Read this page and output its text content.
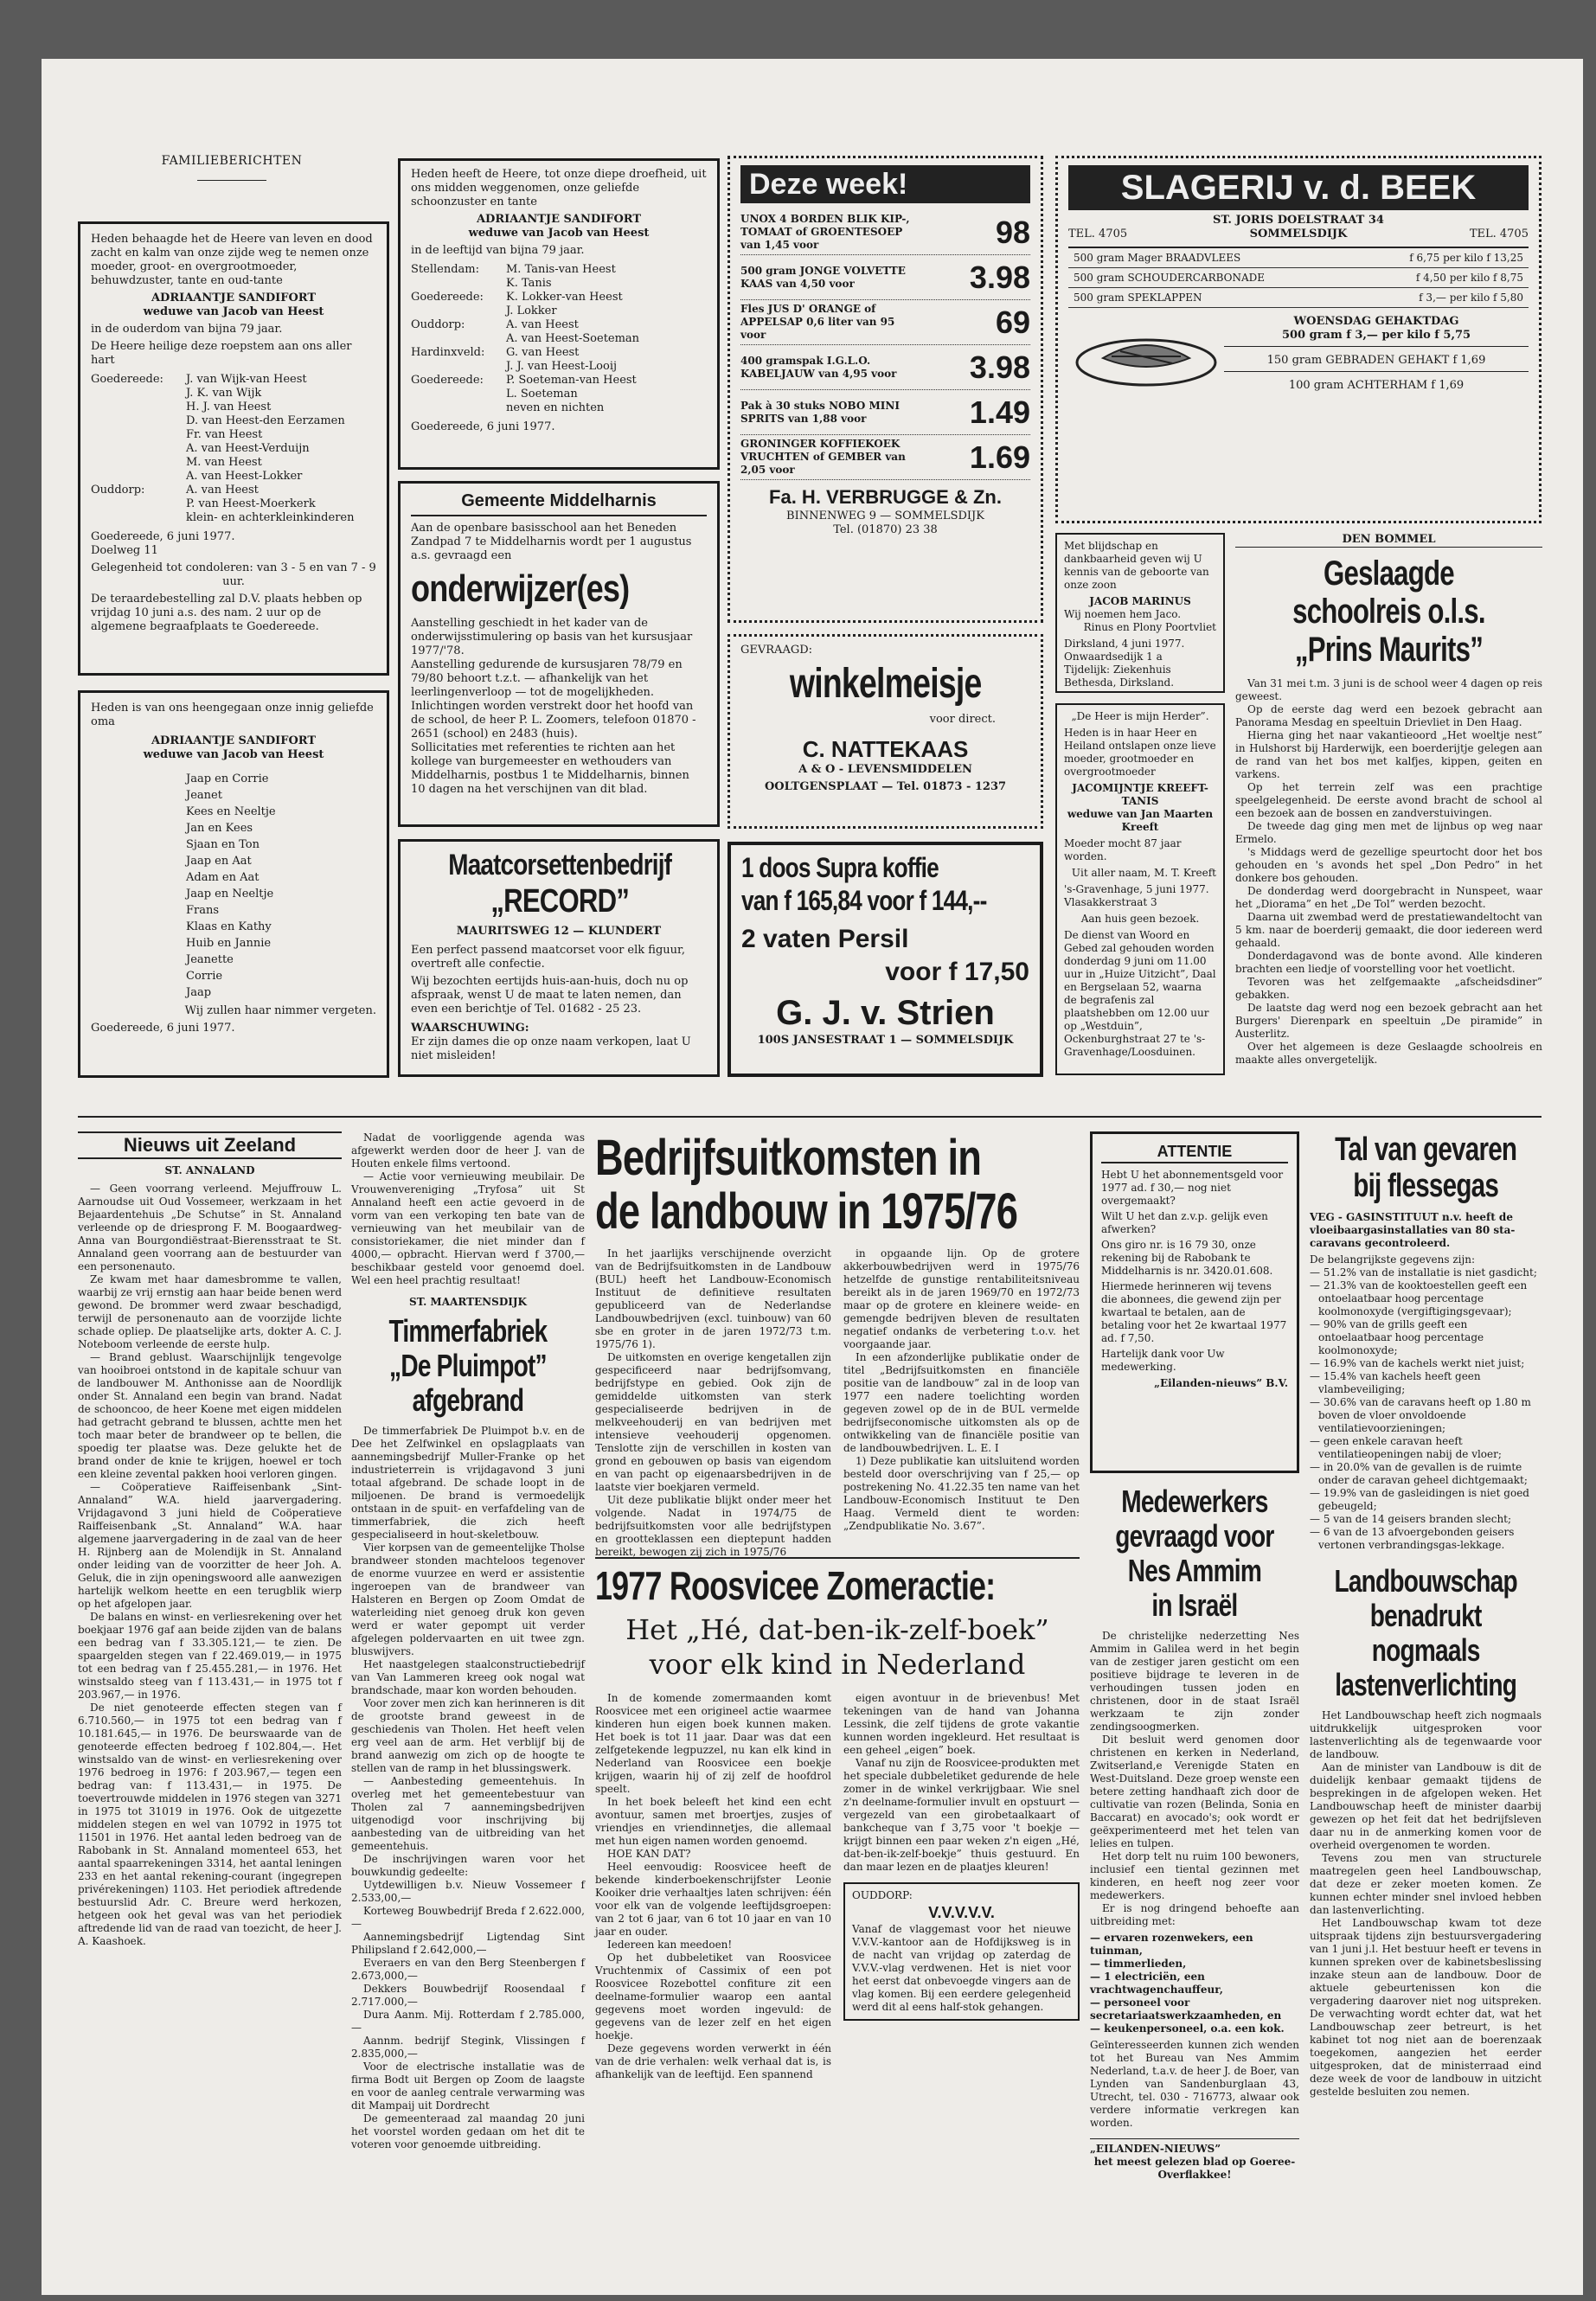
FAMILIEBERICHTEN
Heden behaagde het de Heere van leven en dood zacht en kalm van onze zijde weg te nemen onze moeder, groot- en overgrootmoeder, behuwdzuster, tante en oud-tante
ADRIAANTJE SANDIFORT
weduwe van Jacob van Heest
in de ouderdom van bijna 79 jaar.
De Heere heilige deze roepstem aan ons aller hart
Goedereede:	J. van Wijk-van Heest
J. K. van Wijk
H. J. van Heest
D. van Heest-den Eerzamen
Fr. van Heest
A. van Heest-Verduijn
M. van Heest
A. van Heest-Lokker
Ouddorp:	A. van Heest
P. van Heest-Moerkerk
klein- en achterkleinkinderen
Goedereede, 6 juni 1977.
Doelweg 11
Gelegenheid tot condoleren: van 3 - 5 en van 7 - 9 uur.
De teraardebestelling zal D.V. plaats hebben op vrijdag 10 juni a.s. des nam. 2 uur op de algemene begraafplaats te Goedereede.
Heden heeft de Heere, tot onze diepe droefheid, uit ons midden weggenomen, onze geliefde schoonzuster en tante
ADRIAANTJE SANDIFORT
weduwe van Jacob van Heest
in de leeftijd van bijna 79 jaar.
Stellendam:	M. Tanis-van Heest
K. Tanis
Goedereede:	K. Lokker-van Heest
J. Lokker
Ouddorp:	A. van Heest
A. van Heest-Soeteman
Hardinxveld:	G. van Heest
J. J. van Heest-Looij
Goedereede:	P. Soeteman-van Heest
L. Soeteman
neven en nichten
Goedereede, 6 juni 1977.
Heden is van ons heengegaan onze innig geliefde oma
ADRIAANTJE SANDIFORT
weduwe van Jacob van Heest
Jaap en Corrie
Jeanet
Kees en Neeltje
Jan en Kees
Sjaan en Ton
Jaap en Aat
Adam en Aat
Jaap en Neeltje
Frans
Klaas en Kathy
Huib en Jannie
Jeanette
Corrie
Jaap
Wij zullen haar nimmer vergeten.
Goedereede, 6 juni 1977.
Gemeente Middelharnis
Aan de openbare basisschool aan het Beneden Zandpad 7 te Middelharnis wordt per 1 augustus a.s. gevraagd een
onderwijzer(es)
Aanstelling geschiedt in het kader van de onderwijsstimulering op basis van het kursusjaar 1977/'78.
Aanstelling gedurende de kursusjaren 78/79 en 79/80 behoort t.z.t. — afhankelijk van het leerlingenverloop — tot de mogelijkheden.
Inlichtingen worden verstrekt door het hoofd van de school, de heer P. L. Zoomers, telefoon 01870 - 2651 (school) en 2483 (huis).
Sollicitaties met referenties te richten aan het kollege van burgemeester en wethouders van Middelharnis, postbus 1 te Middelharnis, binnen 10 dagen na het verschijnen van dit blad.
Maatcorsettenbedrijf
„RECORD”
MAURITSWEG 12 — KLUNDERT
Een perfect passend maatcorset voor elk figuur, overtreft alle confectie.
Wij bezochten eertijds huis-aan-huis, doch nu op afspraak, wenst U de maat te laten nemen, dan even een berichtje of Tel. 01682 - 25 23.
WAARSCHUWING:
Er zijn dames die op onze naam verkopen, laat U niet misleiden!
Deze week!
UNOX 4 BORDEN BLIK KIP-, TOMAAT of GROENTESOEP van 1,45 voor	98
500 gram JONGE VOLVETTE KAAS van 4,50 voor	3.98
Fles JUS D' ORANGE of APPELSAP 0,6 liter van 95 voor	69
400 gramspak I.G.L.O. KABELJAUW van 4,95 voor	3.98
Pak à 30 stuks NOBO MINI SPRITS van 1,88 voor	1.49
GRONINGER KOFFIEKOEK VRUCHTEN of GEMBER van 2,05 voor	1.69
Fa. H. VERBRUGGE & Zn.
BINNENWEG 9 — SOMMELSDIJK
Tel. (01870) 23 38
GEVRAAGD:
winkelmeisje
voor direct.
C. NATTEKAAS
A & O - LEVENSMIDDELEN
OOLTGENSPLAAT — Tel. 01873 - 1237
1 doos Supra koffie
van f 165,84 voor f 144,--
2 vaten Persil
voor f 17,50
G. J. v. Strien
100S JANSESTRAAT 1 — SOMMELSDIJK
SLAGERIJ v. d. BEEK
TEL. 4705
ST. JORIS DOELSTRAAT 34
SOMMELSDIJK	TEL. 4705
500 gram Mager BRAADVLEES	f 6,75 per kilo f 13,25
500 gram SCHOUDERCARBONADE	f 4,50 per kilo f 8,75
500 gram SPEKLAPPEN	f 3,— per kilo f 5,80
WOENSDAG GEHAKTDAG
500 gram f 3,— per kilo f 5,75
150 gram GEBRADEN GEHAKT f 1,69
100 gram ACHTERHAM f 1,69
Met blijdschap en dankbaarheid geven wij U kennis van de geboorte van onze zoon
JACOB MARINUS
Wij noemen hem Jaco.
Rinus en Plony Poortvliet
Dirksland, 4 juni 1977.
Onwaardsedijk 1 a
Tijdelijk: Ziekenhuis Bethesda, Dirksland.
„De Heer is mijn Herder”.
Heden is in haar Heer en Heiland ontslapen onze lieve moeder, grootmoeder en overgrootmoeder
JACOMIJNTJE KREEFT-TANIS
weduwe van Jan Maarten Kreeft
Moeder mocht 87 jaar worden.
Uit aller naam, M. T. Kreeft
's-Gravenhage, 5 juni 1977.
Vlasakkerstraat 3
Aan huis geen bezoek.
De dienst van Woord en Gebed zal gehouden worden donderdag 9 juni om 11.00 uur in „Huize Uitzicht”, Daal en Bergselaan 52, waarna de begrafenis zal plaatshebben om 12.00 uur op „Westduin”, Ockenburghstraat 27 te 's-Gravenhage/Loosduinen.
DEN BOMMEL
Geslaagde
schoolreis o.l.s.
„Prins Maurits”

Van 31 mei t.m. 3 juni is de school weer 4 dagen op reis geweest.

Op de eerste dag werd een bezoek gebracht aan Panorama Mesdag en speeltuin Drievliet in Den Haag.

Hierna ging het naar vakantieoord „Het woeltje nest” in Hulshorst bij Harderwijk, een boerderijtje gelegen aan de rand van het bos met kalfjes, kippen, geiten en varkens.

Op het terrein zelf was een prachtige speelgelegenheid. De eerste avond bracht de school al een bezoek aan de bossen en zandverstuivingen.

De tweede dag ging men met de lijnbus op weg naar Ermelo.

's Middags werd de gezellige speurtocht door het bos gehouden en 's avonds het spel „Don Pedro” in het donkere bos gehouden.

De donderdag werd doorgebracht in Nunspeet, waar het „Diorama” en het „De Tol” werden bezocht.

Daarna uit zwembad werd de prestatiewandeltocht van 5 km. naar de boerderij gemaakt, die door iedereen werd gehaald.

Donderdagavond was de bonte avond. Alle kinderen brachten een liedje of voorstelling voor het voetlicht.

Tevoren was het zelfgemaakte „afscheidsdiner” gebakken.

De laatste dag werd nog een bezoek gebracht aan het Burgers' Dierenpark en speeltuin „De piramide” in Austerlitz.

Over het algemeen is deze Geslaagde schoolreis en maakte alles onvergetelijk.

Nieuws uit Zeeland
ST. ANNALAND

— Geen voorrang verleend. Mejuffrouw L. Aarnoudse uit Oud Vossemeer, werkzaam in het Bejaardentehuis „De Schutse” in St. Annaland verleende op de driesprong F. M. Boogaardweg-Anna van Bourgondiëstraat-Bierensstraat te St. Annaland geen voorrang aan de bestuurder van een personenauto.

Ze kwam met haar damesbromme te vallen, waarbij ze vrij ernstig aan haar beide benen werd gewond. De brommer werd zwaar beschadigd, terwijl de personenauto aan de voorzijde lichte schade opliep. De plaatselijke arts, dokter A. C. J. Noteboom verleende de eerste hulp.

— Brand geblust. Waarschijnlijk tengevolge van hooibroei ontstond in de kapitale schuur van de landbouwer M. Anthonisse aan de Noordlijk onder St. Annaland een begin van brand. Nadat de schooncoo, de heer Koene met eigen middelen had getracht gebrand te blussen, achtte men het toch maar beter de brandweer op te bellen, die spoedig ter plaatse was. Deze gelukte het de brand onder de knie te krijgen, hoewel er toch een kleine zevental pakken hooi verloren gingen.

— Coöperatieve Raiffeisenbank „Sint-Annaland” W.A. hield jaarvergadering. Vrijdagavond 3 juni hield de Coöperatieve Raiffeisenbank „St. Annaland” W.A. haar algemene jaarvergadering in de zaal van de heer H. Rijnberg aan de Molendijk in St. Annaland onder leiding van de voorzitter de heer Joh. A. Geluk, die in zijn openingswoord alle aanwezigen hartelijk welkom heette en een terugblik wierp op het afgelopen jaar.

De balans en winst- en verliesrekening over het boekjaar 1976 gaf aan beide zijden van de balans een bedrag van f 33.305.121,— te zien. De spaargelden stegen van f 22.469.019,— in 1975 tot een bedrag van f 25.455.281,— in 1976. Het winstsaldo steeg van f 113.431,— in 1975 tot f 203.967,— in 1976.

De niet genoteerde effecten stegen van f 6.710.560,— in 1975 tot een bedrag van f 10.181.645,— in 1976. De beurswaarde van de genoteerde effecten bedroeg f 102.804,—. Het winstsaldo van de winst- en verliesrekening over 1976 bedroeg in 1976: f 203.967,— tegen een bedrag van: f 113.431,— in 1975. De toevertrouwde middelen in 1976 stegen van 3271 in 1975 tot 31019 in 1976. Ook de uitgezette middelen stegen en wel van 10792 in 1975 tot 11501 in 1976. Het aantal leden bedroeg van de Rabobank in St. Annaland momenteel 653, het aantal spaarrekeningen 3314, het aantal leningen 233 en het aantal rekening-courant (ingegrepen privérekeningen) 1103. Het periodiek aftredende bestuurslid Adr. C. Breure werd herkozen, hetgeen ook het geval was van het periodiek aftredende lid van de raad van toezicht, de heer J. A. Kaashoek.

Nadat de voorliggende agenda was afgewerkt werden door de heer J. van de Houten enkele films vertoond.

— Actie voor vernieuwing meubilair. De Vrouwenvereniging „Tryfosa” uit St Annaland heeft een actie gevoerd in de vorm van een verkoping ten bate van de vernieuwing van het meubilair van de consistoriekamer, die niet minder dan f 4000,— opbracht. Hiervan werd f 3700,— beschikbaar gesteld voor genoemd doel. Wel een heel prachtig resultaat!

ST. MAARTENSDIJK
Timmerfabriek
„De Pluimpot”
afgebrand

De timmerfabriek De Pluimpot b.v. en de Dee het Zelfwinkel en opslagplaats van aannemingsbedrijf Muller-Franke op het industrieterrein is vrijdagavond 3 juni totaal afgebrand. De schade loopt in de miljoenen. De brand is vermoedelijk ontstaan in de spuit- en verfafdeling van de timmerfabriek, die zich heeft gespecialiseerd in hout-skeletbouw.

Vier korpsen van de gemeentelijke Tholse brandweer stonden machteloos tegenover de enorme vuurzee en werd er assistentie ingeroepen van de brandweer van Halsteren en Bergen op Zoom Omdat de waterleiding niet genoeg druk kon geven werd er water gepompt uit verder afgelegen poldervaarten en uit twee zgn. bluswijvers.

Het naastgelegen staalconstructiebedrijf van Van Lammeren kreeg ook nogal wat brandschade, maar kon worden behouden.

Voor zover men zich kan herinneren is dit de grootste brand geweest in de geschiedenis van Tholen. Het heeft velen erg veel aan de arm. Het verblijf bij de brand aanwezig om zich op de hoogte te stellen van de ramp in het blussingswerk.

— Aanbesteding gemeentehuis. In overleg met het gemeentebestuur van Tholen zal 7 aannemingsbedrijven uitgenodigd voor inschrijving bij aanbesteding van de uitbreiding van het gemeentehuis.

De inschrijvingen waren voor het bouwkundig gedeelte:

Uytdewilligen b.v. Nieuw Vossemeer f 2.533,00,—

Korteweg Bouwbedrijf Breda f 2.622.000,—

Aannemingsbedrijf Ligtendag Sint Philipsland f 2.642,000,—

Everaers en van den Berg Steenbergen f 2.673,000,—

Dekkers Bouwbedrijf Roosendaal f 2.717.000,—

Dura Aanm. Mij. Rotterdam f 2.785.000,—

Aannm. bedrijf Stegink, Vlissingen f 2.835,000,—

Voor de electrische installatie was de firma Bodt uit Bergen op Zoom de laagste en voor de aanleg centrale verwarming was dit Mampaij uit Dordrecht

De gemeenteraad zal maandag 20 juni het voorstel worden gedaan om het dit te voteren voor genoemde uitbreiding.

Bedrijfsuitkomsten in
de landbouw in 1975/76

In het jaarlijks verschijnende overzicht van de Bedrijfsuitkomsten in de Landbouw (BUL) heeft het Landbouw-Economisch Instituut de definitieve resultaten gepubliceerd van de Nederlandse Landbouwbedrijven (excl. tuinbouw) van 60 sbe en groter in de jaren 1972/73 t.m. 1975/76 1).

De uitkomsten en overige kengetallen zijn gespecificeerd naar bedrijfsomvang, bedrijfstype en gebied. Ook zijn de gemiddelde uitkomsten van sterk gespecialiseerde bedrijven in de melkveehouderij en van bedrijven met intensieve veehouderij opgenomen. Tenslotte zijn de verschillen in kosten van grond en gebouwen op basis van eigendom en van pacht op eigenaarsbedrijven in de laatste vier boekjaren vermeld.

Uit deze publikatie blijkt onder meer het volgende. Nadat in 1974/75 de bedrijfsuitkomsten voor alle bedrijfstypen en grootteklassen een dieptepunt hadden bereikt, bewogen zij zich in 1975/76

in opgaande lijn. Op de grotere akkerbouwbedrijven werd in 1975/76 hetzelfde de gunstige rentabiliteitsniveau bereikt als in de jaren 1969/70 en 1972/73 maar op de grotere en kleinere weide- en gemengde bedrijven bleven de resultaten negatief ondanks de verbetering t.o.v. het voorgaande jaar.

In een afzonderlijke publikatie onder de titel „Bedrijfsuitkomsten en financiële positie van de landbouw” zal in de loop van 1977 een nadere toelichting worden gegeven zowel op de in de BUL vermelde bedrijfseconomische uitkomsten als op de ontwikkeling van de financiële positie van de landbouwbedrijven. L. E. I

1) Deze publikatie kan uitsluitend worden besteld door overschrijving van f 25,— op postrekening No. 41.22.35 ten name van het Landbouw-Economisch Instituut te Den Haag. Vermeld dient te worden: „Zendpublikatie No. 3.67”.

1977 Roosvicee Zomeractie:
Het „Hé, dat-ben-ik-zelf-boek”
voor elk kind in Nederland

In de komende zomermaanden komt Roosvicee met een origineel actie waarmee kinderen hun eigen boek kunnen maken. Het boek is tot 11 jaar. Daar was dat een zelfgetekende legpuzzel, nu kan elk kind in Nederland van Roosvicee een boekje krijgen, waarin hij of zij zelf de hoofdrol speelt.

In het boek beleeft het kind een echt avontuur, samen met broertjes, zusjes of vriendjes en vriendinnetjes, die allemaal met hun eigen namen worden genoemd.

HOE KAN DAT?

Heel eenvoudig: Roosvicee heeft de bekende kinderboekenschrijfster Leonie Kooiker drie verhaaltjes laten schrijven: één voor elk van de volgende leeftijdsgroepen: van 2 tot 6 jaar, van 6 tot 10 jaar en van 10 jaar en ouder.

Iedereen kan meedoen!

Op het dubbeletiket van Roosvicee Vruchtenmix of Cassimix of een pot Roosvicee Rozebottel confiture zit een deelname-formulier waarop een aantal gegevens moet worden ingevuld: de gegevens van de lezer zelf en het eigen hoekje.

Deze gegevens worden verwerkt in één van de drie verhalen: welk verhaal dat is, is afhankelijk van de leeftijd. Een spannend

eigen avontuur in de brievenbus! Met tekeningen van de hand van Johanna Lessink, die zelf tijdens de grote vakantie kunnen worden ingekleurd. Het resultaat is een geheel „eigen” boek.

Vanaf nu zijn de Roosvicee-produkten met het speciale dubbeletiket gedurende de hele zomer in de winkel verkrijgbaar. Wie snel z'n deelname-formulier invult en opstuurt — vergezeld van een girobetaalkaart of bankcheque van f 3,75 voor 't boekje — krijgt binnen een paar weken z'n eigen „Hé, dat-ben-ik-zelf-boekje” thuis gestuurd. En dan maar lezen en de plaatjes kleuren!

OUDDORP:
V.V.V.V.V.
Vanaf de vlaggemast voor het nieuwe V.V.V.-kantoor aan de Hofdijksweg is in de nacht van vrijdag op zaterdag de V.V.V.-vlag verdwenen. Het is niet voor het eerst dat onbevoegde vingers aan de vlag komen. Bij een eerdere gelegenheid werd dit al eens half-stok gehangen.
ATTENTIE
Hebt U het abonnementsgeld voor 1977 ad. f 30,— nog niet overgemaakt?
Wilt U het dan z.v.p. gelijk even afwerken?
Ons giro nr. is 16 79 30, onze rekening bij de Rabobank te Middelharnis is nr. 3420.01.608.
Hiermede herinneren wij tevens die abonnees, die gewend zijn per kwartaal te betalen, aan de betaling voor het 2e kwartaal 1977 ad. f 7,50.
Hartelijk dank voor Uw medewerking.
„Eilanden-nieuws” B.V.
Medewerkers
gevraagd voor
Nes Ammim
in Israël

De christelijke nederzetting Nes Ammim in Galilea werd in het begin van de zestiger jaren gesticht om een positieve bijdrage te leveren in de verhoudingen tussen joden en christenen, door in de staat Israël werkzaam te zijn zonder zendingsoogmerken.

Dit besluit werd genomen door christenen en kerken in Nederland, Zwitserland,e Verenigde Staten en West-Duitsland. Deze groep wenste een betere zetting handhaaft zich door de cultivatie van rozen (Belinda, Sonia en Baccarat) en avocado's; ook wordt er geëxperimenteerd met het telen van lelies en tulpen.

Het dorp telt nu ruim 100 bewoners, inclusief een tiental gezinnen met kinderen, en heeft nog zeer voor medewerkers.

Er is nog dringend behoefte aan uitbreiding met:

— ervaren rozenwekers, een tuinman,
— timmerlieden,
— 1 electriciën, een vrachtwagenchauffeur,
— personeel voor secretariaatswerkzaamheden, en
— keukenpersoneel, o.a. een kok.
Geïnteresseerden kunnen zich wenden tot het Bureau van Nes Ammim Nederland, t.a.v. de heer J. de Boer, van Lynden van Sandenburglaan 43, Utrecht, tel. 030 - 716773, alwaar ook verdere informatie verkregen kan worden.
„EILANDEN-NIEUWS”
het meest gelezen blad op Goeree-Overflakkee!
Tal van gevaren
bij flessegas
VEG - GASINSTITUUT n.v. heeft de vloeibaargasinstallaties van 80 sta-caravans gecontroleerd.
De belangrijkste gegevens zijn:
— 51.2% van de installatie is niet gasdicht;
— 21.3% van de kooktoestellen geeft een ontoelaatbaar hoog percentage koolmonoxyde (vergiftigingsgevaar);
— 90% van de grills geeft een ontoelaatbaar hoog percentage koolmonoxyde;
— 16.9% van de kachels werkt niet juist;
— 15.4% van kachels heeft geen vlambeveiliging;
— 30.6% van de caravans heeft op 1.80 m boven de vloer onvoldoende ventilatievoorzieningen;
— geen enkele caravan heeft ventilatieopeningen nabij de vloer;
— in 20.0% van de gevallen is de ruimte onder de caravan geheel dichtgemaakt;
— 19.9% van de gasleidingen is niet goed gebeugeld;
— 5 van de 14 geisers branden slecht;
— 6 van de 13 afvoergebonden geisers vertonen verbrandingsgas-lekkage.
Landbouwschap
benadrukt
nogmaals
lastenverlichting

Het Landbouwschap heeft zich nogmaals uitdrukkelijk uitgesproken voor lastenverlichting als de tegenwaarde voor de landbouw.

Aan de minister van Landbouw is dit de duidelijk kenbaar gemaakt tijdens de besprekingen in de afgelopen weken. Het Landbouwschap heeft de minister daarbij gewezen op het feit dat het bedrijfsleven daar nu in de anmerking komen voor de overheid overgenomen te worden.

Tevens zou men van structurele maatregelen geen heel Landbouwschap, dat deze er zeker moeten komen. Ze kunnen echter minder snel invloed hebben dan lastenverlichting.

Het Landbouwschap kwam tot deze uitspraak tijdens zijn bestuursvergadering van 1 juni j.l. Het bestuur heeft er tevens in kunnen spreken over de kabinetsbeslissing inzake steun aan de landbouw. Door de aktuele gebeurtenissen kon die vergadering daarover niet nog uitspreken. De verwachting wordt echter dat, wat het Landbouwschap zeer betreurt, is het kabinet tot nog niet aan de boerenzaak toegekomen, aangezien het eerder uitgesproken, dat de ministerraad eind deze week de voor de landbouw in uitzicht gestelde besluiten zou nemen.
